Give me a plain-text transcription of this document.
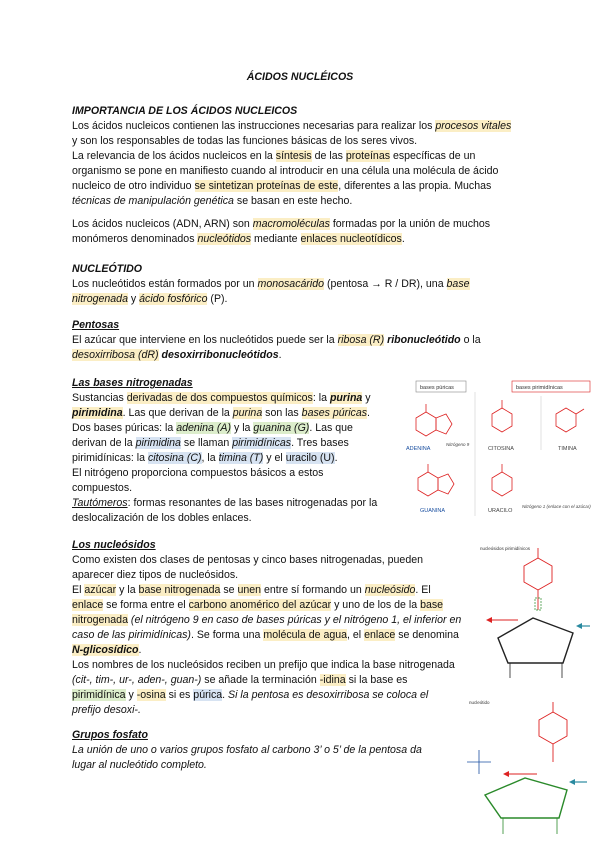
ÁCIDOS NUCLÉICOS

IMPORTANCIA DE LOS ÁCIDOS NUCLEICOS

Los ácidos nucleicos contienen las instrucciones necesarias para realizar los procesos vitales

y son los responsables de todas las funciones básicas de los seres vivos.

La relevancia de los ácidos nucleicos en la síntesis de las proteínas específicas de un

organismo se pone en manifiesto cuando al introducir en una célula una molécula de ácido

nucleico de otro individuo se sintetizan proteínas de este, diferentes a las propia. Muchas

técnicas de manipulación genética se basan en este hecho.

Los ácidos nucleicos (ADN, ARN) son macromoléculas formadas por la unión de muchos

monómeros denominados nucleótidos mediante enlaces nucleotídicos.

NUCLEÓTIDO

Los nucleótidos están formados por un monosacárido (pentosa → R / DR), una base

nitrogenada y ácido fosfórico (P).

Pentosas

El azúcar que interviene en los nucleótidos puede ser la ribosa (R) ribonucleótido o la

desoxirribosa (dR) desoxirribonucleótidos.

Las bases nitrogenadas

Sustancias derivadas de dos compuestos químicos: la purina y

pirimidina. Las que derivan de la purina son las bases púricas.

Dos bases púricas: la adenina (A) y la guanina (G). Las que

derivan de la pirimidina se llaman pirimidínicas. Tres bases

pirimidínicas: la citosina (C), la timina (T) y el uracilo (U).

El nitrógeno proporciona compuestos básicos a estos

compuestos.

Tautómeros: formas resonantes de las bases nitrogenadas por la

deslocalización de los dobles enlaces.

bases púricas	bases pirimidínicas
ADENINA
Nitrógeno 9
CITOSINA	TIMINA
GUANINA	URACILO
Nitrógeno 1 (enlace con el azúcar)

Los nucleósidos

Como existen dos clases de pentosas y cinco bases nitrogenadas, pueden

aparecer diez tipos de nucleósidos.

El azúcar y la base nitrogenada se unen entre sí formando un nucleósido. El

enlace se forma entre el carbono anomérico del azúcar y uno de los de la base

nitrogenada (el nitrógeno 9 en caso de bases púricas y el nitrógeno 1, el inferior en

caso de las pirimidínicas). Se forma una molécula de agua, el enlace se denomina

N-glicosídico.

Los nombres de los nucleósidos reciben un prefijo que indica la base nitrogenada

(cit-, tim-, ur-, aden-, guan-) se añade la terminación -idina si la base es

pirimidínica y -osina si es púrica. Si la pentosa es desoxirribosa se coloca el

prefijo desoxi-.

nucleósidos pirimidínicos
nucleótido

Grupos fosfato

La unión de uno o varios grupos fosfato al carbono 3’ o 5’ de la pentosa da

lugar al nucleótido completo.
